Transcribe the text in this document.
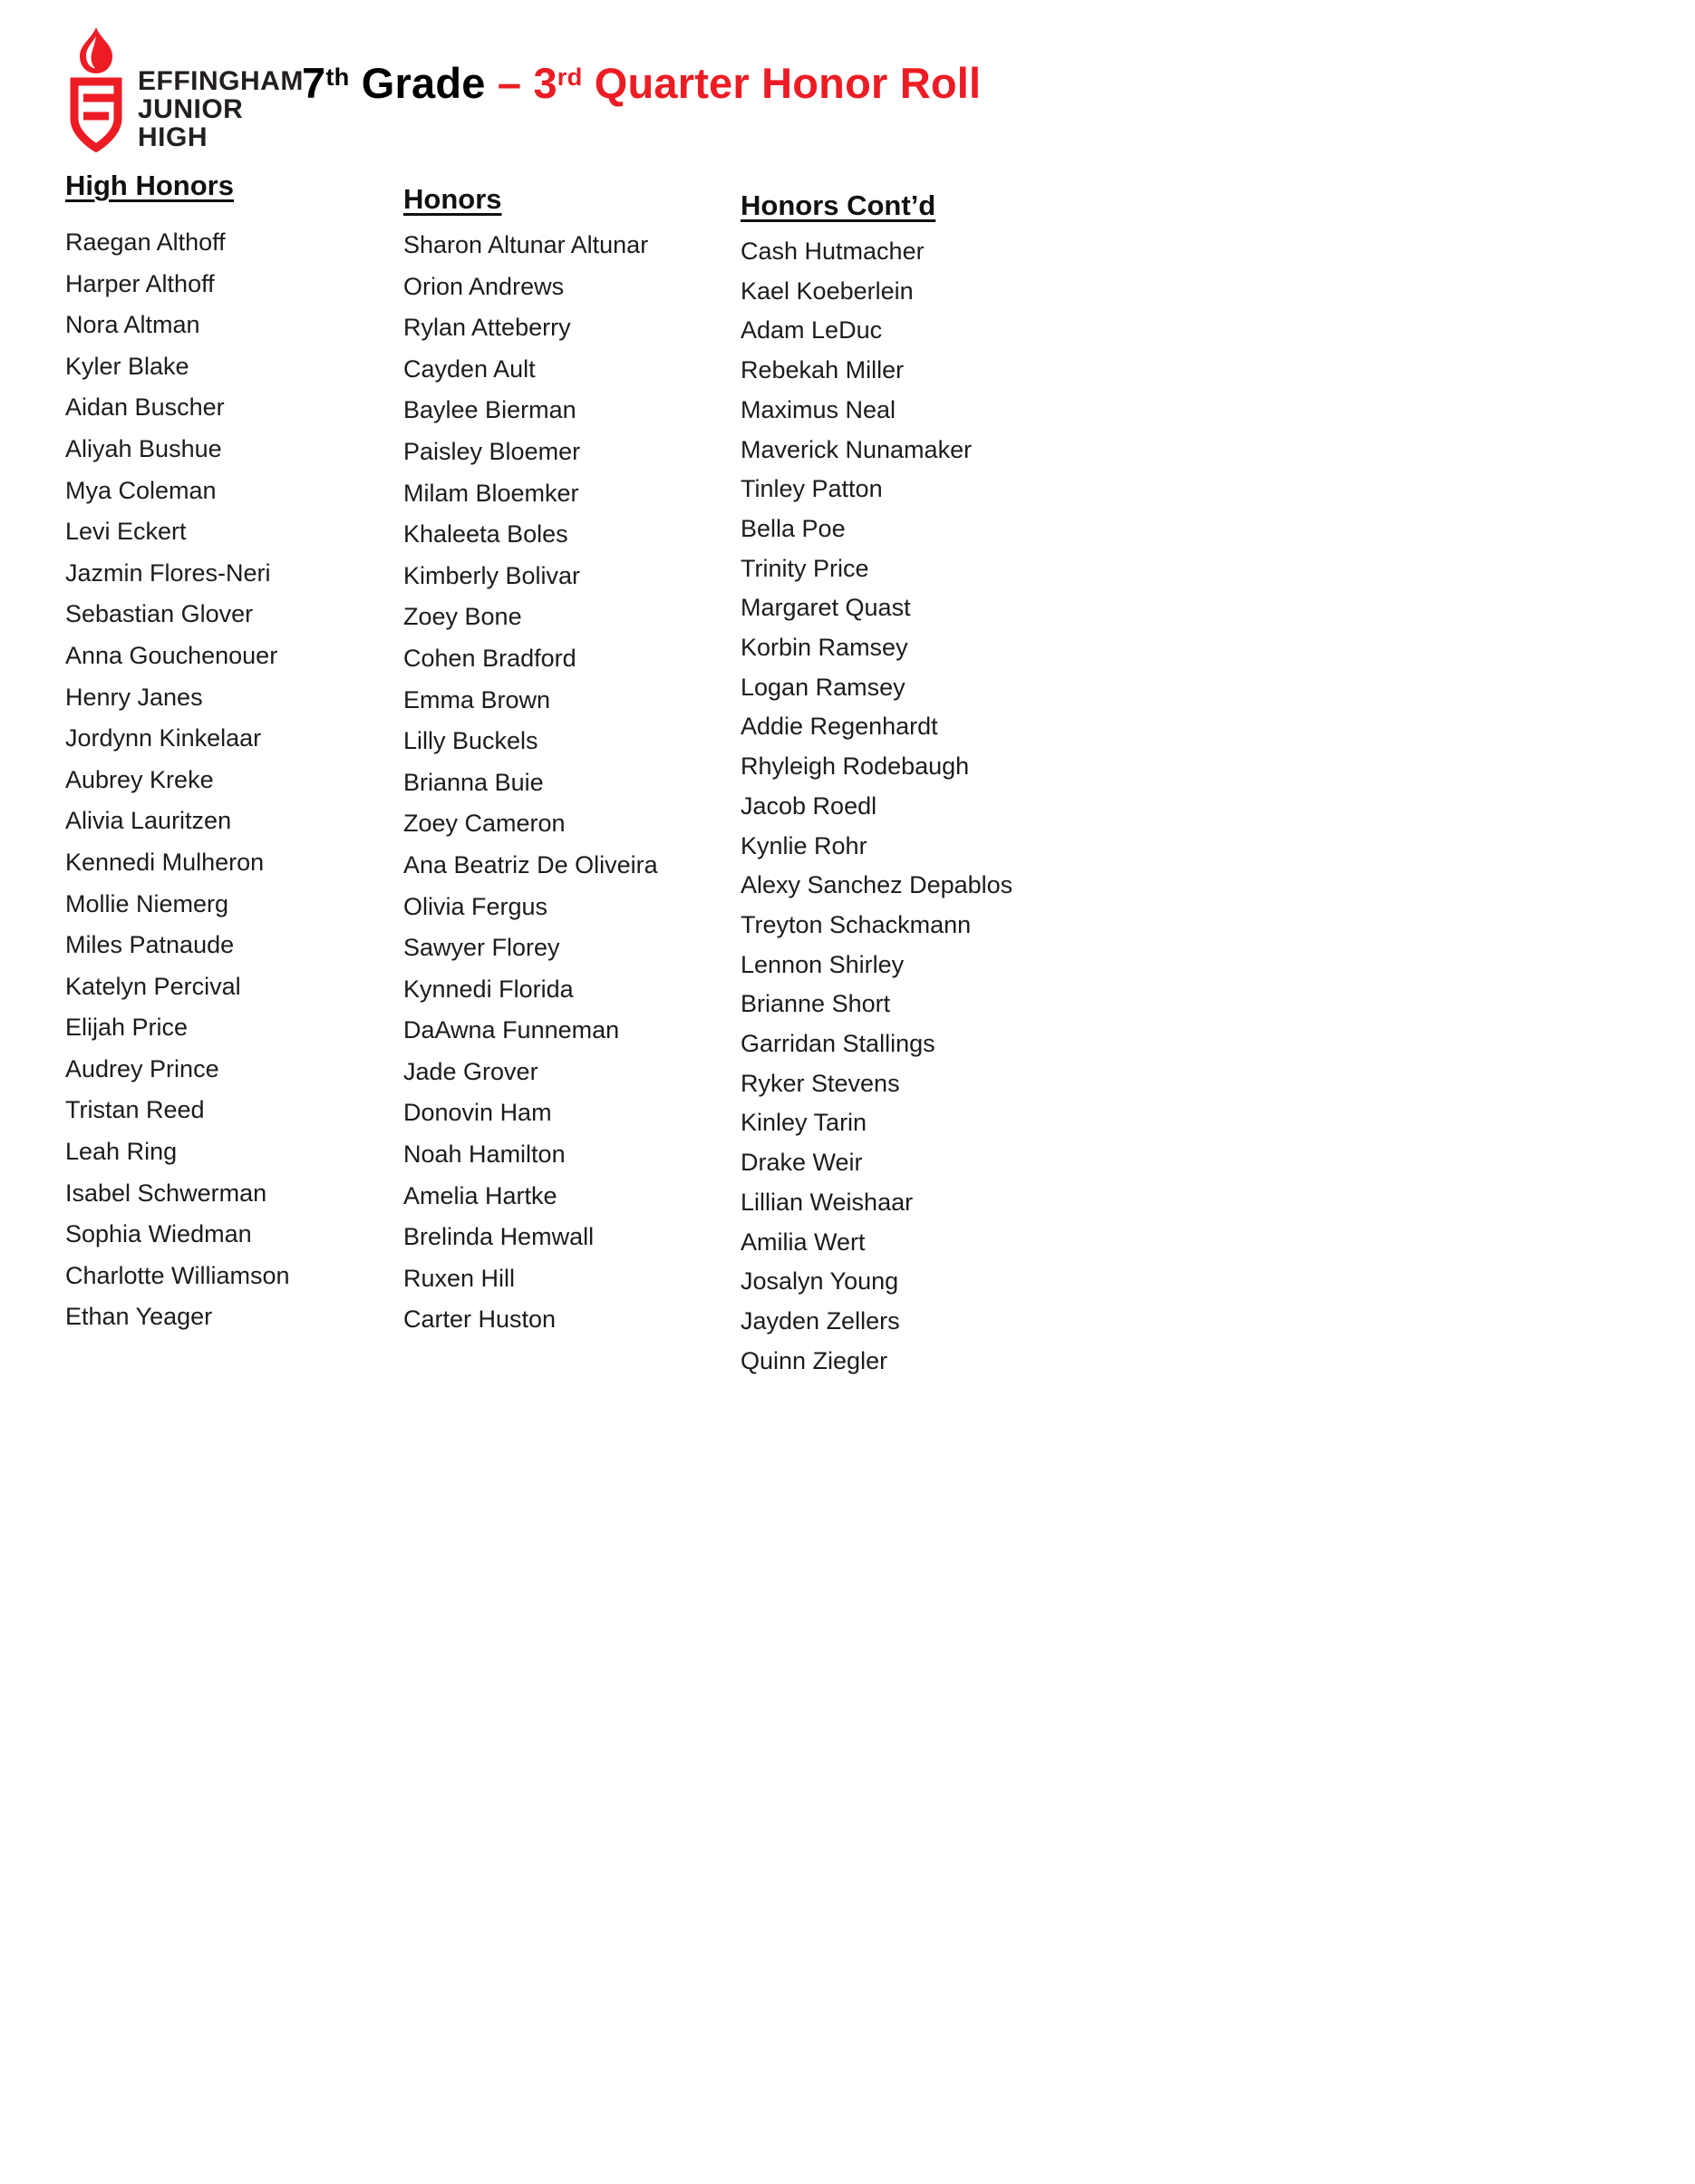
EFFINGHAM
JUNIOR
HIGH
7th Grade – 3rd Quarter Honor Roll
High Honors
Raegan Althoff
Harper Althoff
Nora Altman
Kyler Blake
Aidan Buscher
Aliyah Bushue
Mya Coleman
Levi Eckert
Jazmin Flores-Neri
Sebastian Glover
Anna Gouchenouer
Henry Janes
Jordynn Kinkelaar
Aubrey Kreke
Alivia Lauritzen
Kennedi Mulheron
Mollie Niemerg
Miles Patnaude
Katelyn Percival
Elijah Price
Audrey Prince
Tristan Reed
Leah Ring
Isabel Schwerman
Sophia Wiedman
Charlotte Williamson
Ethan Yeager
Honors
Sharon Altunar Altunar
Orion Andrews
Rylan Atteberry
Cayden Ault
Baylee Bierman
Paisley Bloemer
Milam Bloemker
Khaleeta Boles
Kimberly Bolivar
Zoey Bone
Cohen Bradford
Emma Brown
Lilly Buckels
Brianna Buie
Zoey Cameron
Ana Beatriz De Oliveira
Olivia Fergus
Sawyer Florey
Kynnedi Florida
DaAwna Funneman
Jade Grover
Donovin Ham
Noah Hamilton
Amelia Hartke
Brelinda Hemwall
Ruxen Hill
Carter Huston
Honors Cont’d
Cash Hutmacher
Kael Koeberlein
Adam LeDuc
Rebekah Miller
Maximus Neal
Maverick Nunamaker
Tinley Patton
Bella Poe
Trinity Price
Margaret Quast
Korbin Ramsey
Logan Ramsey
Addie Regenhardt
Rhyleigh Rodebaugh
Jacob Roedl
Kynlie Rohr
Alexy Sanchez Depablos
Treyton Schackmann
Lennon Shirley
Brianne Short
Garridan Stallings
Ryker Stevens
Kinley Tarin
Drake Weir
Lillian Weishaar
Amilia Wert
Josalyn Young
Jayden Zellers
Quinn Ziegler
